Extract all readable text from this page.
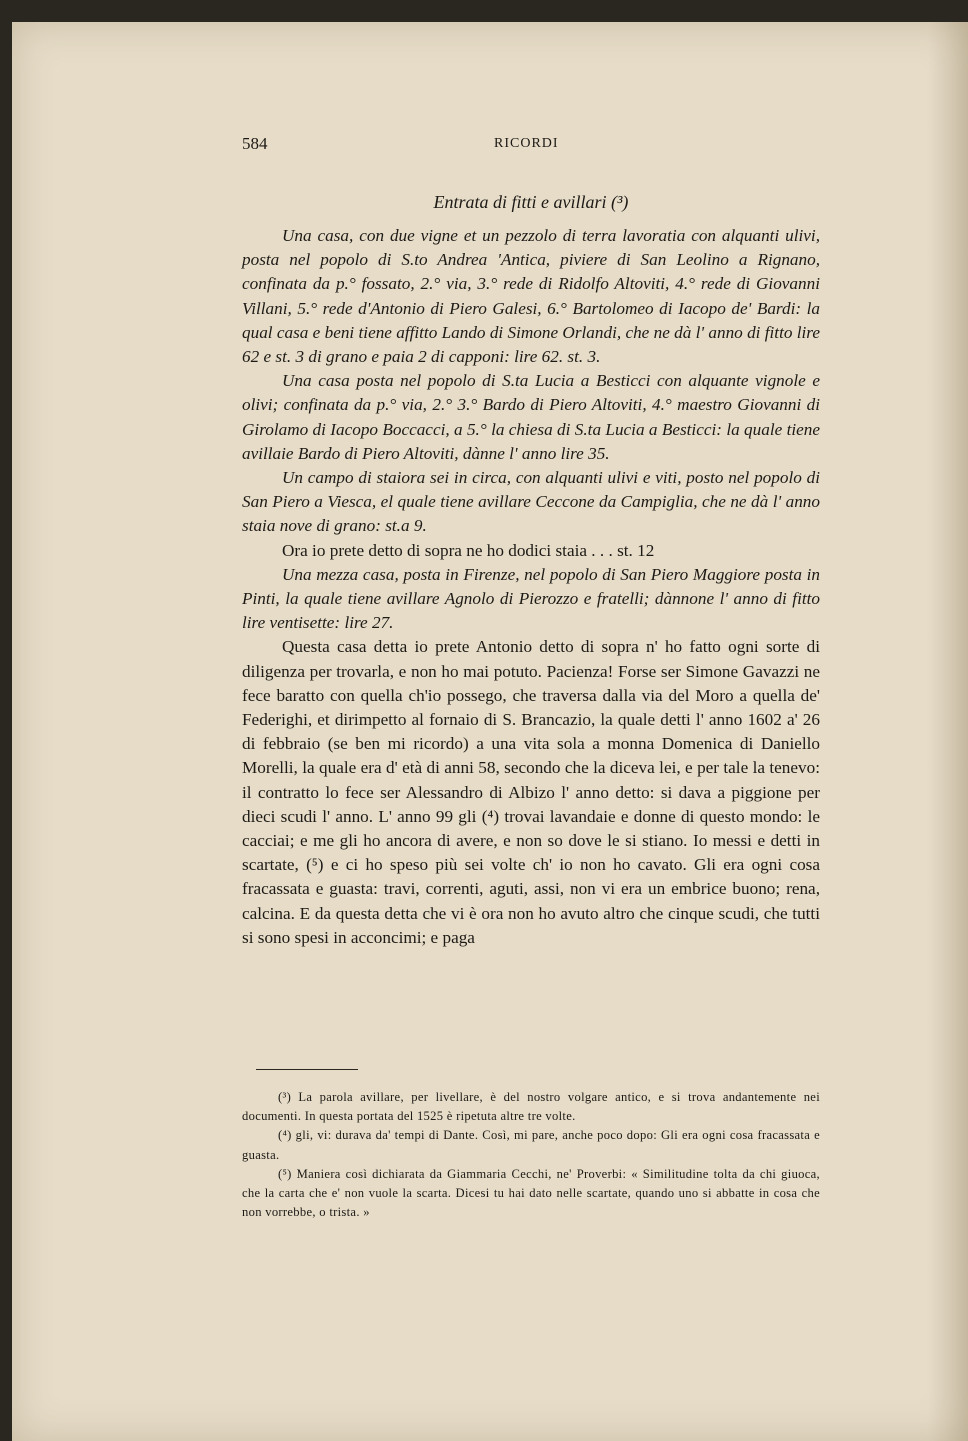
584	RICORDI
Entrata di fitti e avillari (³)

Una casa, con due vigne et un pezzolo di terra lavoratia con alquanti ulivi, posta nel popolo di S.to Andrea 'Antica, piviere di San Leolino a Rignano, confinata da p.° fossato, 2.° via, 3.° rede di Ridolfo Altoviti, 4.° rede di Giovanni Villani, 5.° rede d'Antonio di Piero Galesi, 6.° Bartolomeo di Iacopo de' Bardi: la qual casa e beni tiene affitto Lando di Simone Orlandi, che ne dà l' anno di fitto lire 62 e st. 3 di grano e paia 2 di capponi: lire 62. st. 3.

Una casa posta nel popolo di S.ta Lucia a Besticci con alquante vignole e olivi; confinata da p.° via, 2.° 3.° Bardo di Piero Altoviti, 4.° maestro Giovanni di Girolamo di Iacopo Boccacci, a 5.° la chiesa di S.ta Lucia a Besticci: la quale tiene avillaie Bardo di Piero Altoviti, dànne l' anno lire 35.

Un campo di staiora sei in circa, con alquanti ulivi e viti, posto nel popolo di San Piero a Viesca, el quale tiene avillare Ceccone da Campiglia, che ne dà l' anno staia nove di grano: st.a 9.

Ora io prete detto di sopra ne ho dodici staia . . . st. 12

Una mezza casa, posta in Firenze, nel popolo di San Piero Maggiore posta in Pinti, la quale tiene avillare Agnolo di Pierozzo e fratelli; dànnone l' anno di fitto lire ventisette: lire 27.

Questa casa detta io prete Antonio detto di sopra n' ho fatto ogni sorte di diligenza per trovarla, e non ho mai potuto. Pacienza! Forse ser Simone Gavazzi ne fece baratto con quella ch'io possego, che traversa dalla via del Moro a quella de' Federighi, et dirimpetto al fornaio di S. Brancazio, la quale detti l' anno 1602 a' 26 di febbraio (se ben mi ricordo) a una vita sola a monna Domenica di Daniello Morelli, la quale era d' età di anni 58, secondo che la diceva lei, e per tale la tenevo: il contratto lo fece ser Alessandro di Albizo l' anno detto: si dava a piggione per dieci scudi l' anno. L' anno 99 gli (⁴) trovai lavandaie e donne di questo mondo: le cacciai; e me gli ho ancora di avere, e non so dove le si stiano. Io messi e detti in scartate, (⁵) e ci ho speso più sei volte ch' io non ho cavato. Gli era ogni cosa fracassata e guasta: travi, correnti, aguti, assi, non vi era un embrice buono; rena, calcina. E da questa detta che vi è ora non ho avuto altro che cinque scudi, che tutti si sono spesi in acconcimi; e paga

(³) La parola avillare, per livellare, è del nostro volgare antico, e si trova andantemente nei documenti. In questa portata del 1525 è ripetuta altre tre volte.

(⁴) gli, vi: durava da' tempi di Dante. Così, mi pare, anche poco dopo: Gli era ogni cosa fracassata e guasta.

(⁵) Maniera così dichiarata da Giammaria Cecchi, ne' Proverbi: « Similitudine tolta da chi giuoca, che la carta che e' non vuole la scarta. Dicesi tu hai dato nelle scartate, quando uno si abbatte in cosa che non vorrebbe, o trista. »
